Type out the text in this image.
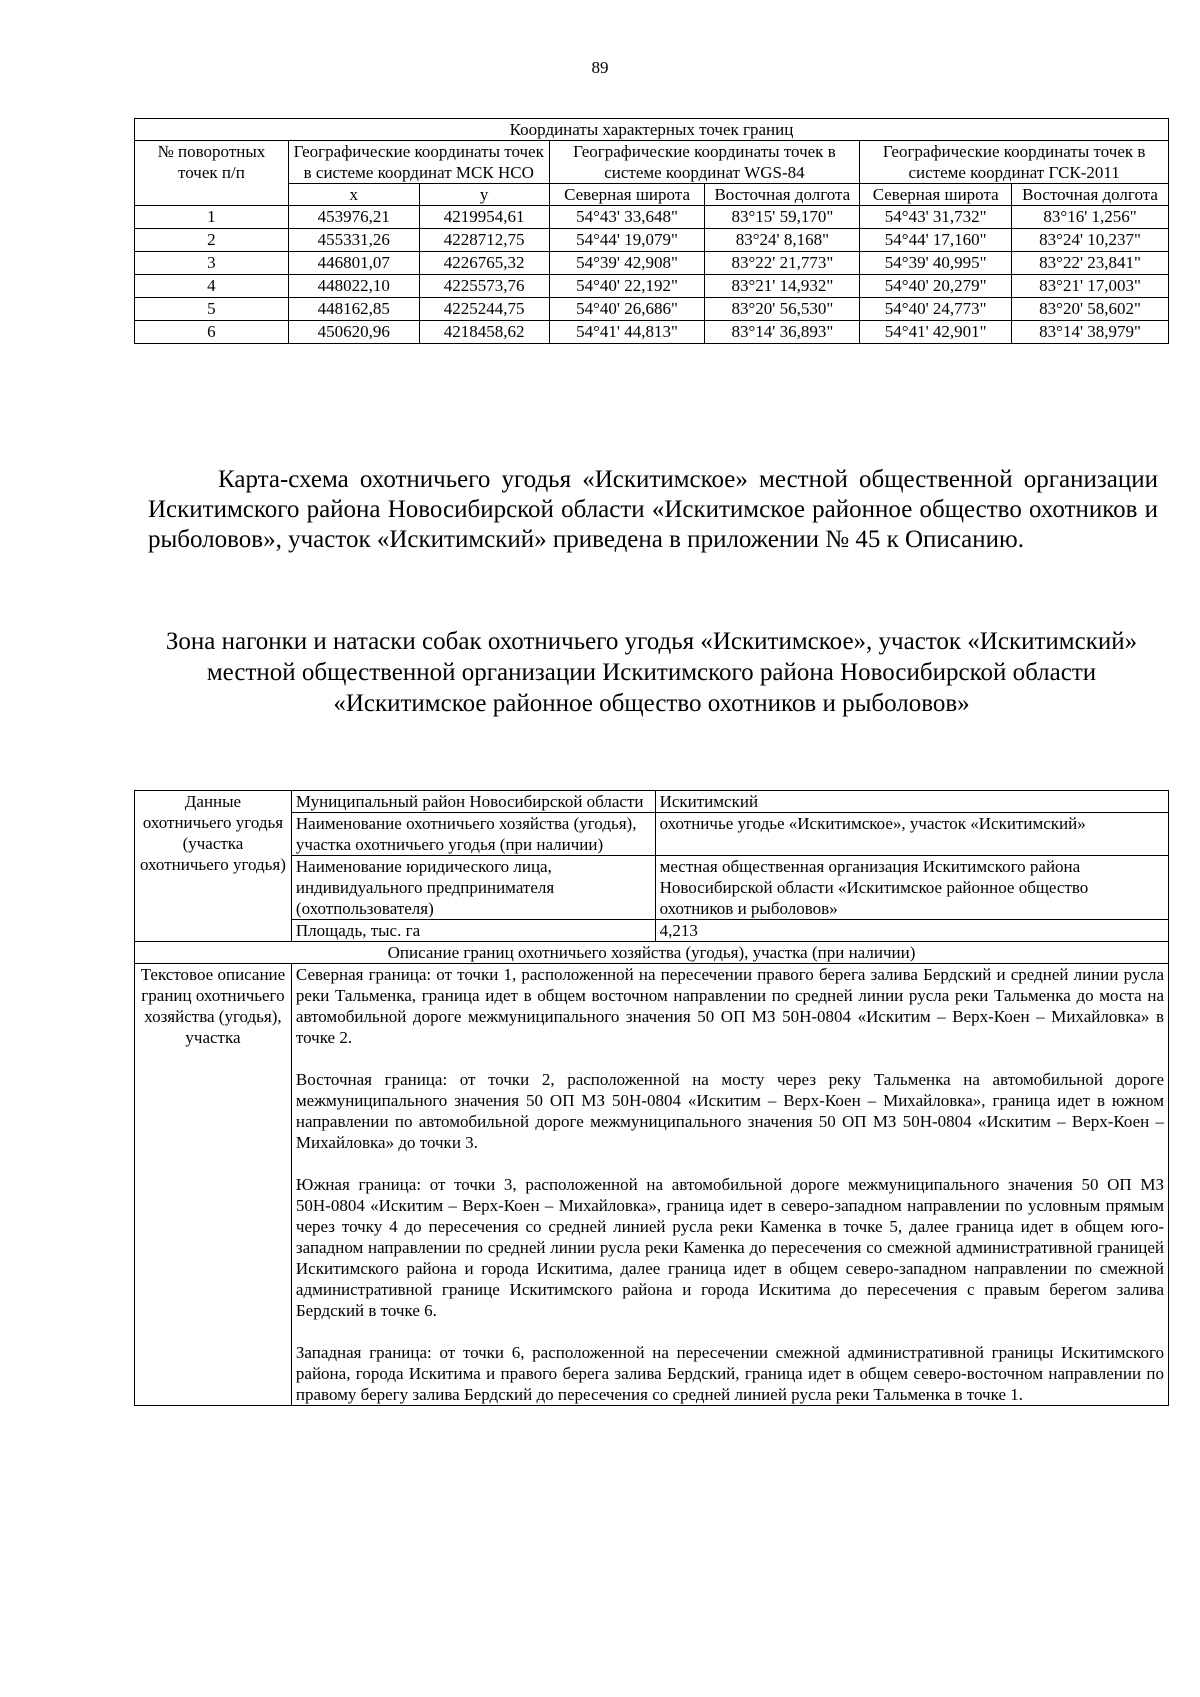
89
Координаты характерных точек границ						
№ поворотных точек п/п	Географические координаты точек в системе координат МСК НСО		Географические координаты точек в системе координат WGS-84		Географические координаты точек в системе координат ГСК-2011	
	x	y	Северная широта	Восточная долгота	Северная широта	Восточная долгота
1	453976,21	4219954,61	54°43' 33,648"	83°15' 59,170"	54°43' 31,732"	83°16' 1,256"
2	455331,26	4228712,75	54°44' 19,079"	83°24' 8,168"	54°44' 17,160"	83°24' 10,237"
3	446801,07	4226765,32	54°39' 42,908"	83°22' 21,773"	54°39' 40,995"	83°22' 23,841"
4	448022,10	4225573,76	54°40' 22,192"	83°21' 14,932"	54°40' 20,279"	83°21' 17,003"
5	448162,85	4225244,75	54°40' 26,686"	83°20' 56,530"	54°40' 24,773"	83°20' 58,602"
6	450620,96	4218458,62	54°41' 44,813"	83°14' 36,893"	54°41' 42,901"	83°14' 38,979"
Карта-схема охотничьего угодья «Искитимское» местной общественной организации Искитимского района Новосибирской области «Искитимское районное общество охотников и рыболовов», участок «Искитимский» приведена в приложении № 45 к Описанию.
Зона нагонки и натаски собак охотничьего угодья «Искитимское», участок «Искитимский» местной общественной организации Искитимского района Новосибирской области «Искитимское районное общество охотников и рыболовов»
Данные охотничьего угодья (участка охотничьего угодья)	Муниципальный район Новосибирской области	Искитимский
	Наименование охотничьего хозяйства (угодья), участка охотничьего угодья (при наличии)	охотничье угодье «Искитимское», участок «Искитимский»
	Наименование юридического лица, индивидуального предпринимателя (охотпользователя)	местная общественная организация Искитимского района Новосибирской области «Искитимское районное общество охотников и рыболовов»
	Площадь, тыс. га	4,213
Описание границ охотничьего хозяйства (угодья), участка (при наличии)		
Текстовое описание границ охотничьего хозяйства (угодья), участка	Северная граница: от точки 1, расположенной на пересечении правого берега залива Бердский и средней линии русла реки Тальменка, граница идет в общем восточном направлении по средней линии русла реки Тальменка до моста на автомобильной дороге межмуниципального значения 50 ОП МЗ 50Н-0804 «Искитим – Верх-Коен – Михайловка» в точке 2.
Восточная граница: от точки 2, расположенной на мосту через реку Тальменка на автомобильной дороге межмуниципального значения 50 ОП МЗ 50Н-0804 «Искитим – Верх-Коен – Михайловка», граница идет в южном направлении по автомобильной дороге межмуниципального значения 50 ОП МЗ 50Н-0804 «Искитим – Верх-Коен – Михайловка» до точки 3.
Южная граница: от точки 3, расположенной на автомобильной дороге межмуниципального значения 50 ОП МЗ 50Н-0804 «Искитим – Верх-Коен – Михайловка», граница идет в северо-западном направлении по условным прямым через точку 4 до пересечения со средней линией русла реки Каменка в точке 5, далее граница идет в общем юго-западном направлении по средней линии русла реки Каменка до пересечения со смежной административной границей Искитимского района и города Искитима, далее граница идет в общем северо-западном направлении по смежной административной границе Искитимского района и города Искитима до пересечения с правым берегом залива Бердский в точке 6.
Западная граница: от точки 6, расположенной на пересечении смежной административной границы Искитимского района, города Искитима и правого берега залива Бердский, граница идет в общем северо-восточном направлении по правому берегу залива Бердский до пересечения со средней линией русла реки Тальменка в точке 1.	
